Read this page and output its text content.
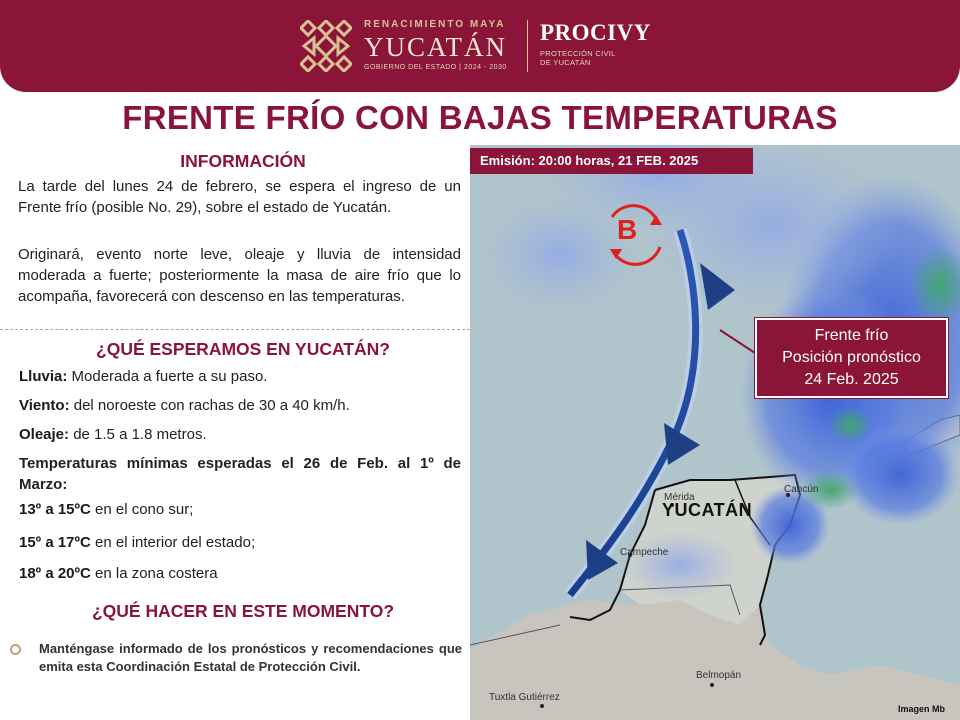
RENACIMIENTO MAYA
YUCATÁN
GOBIERNO DEL ESTADO | 2024 - 2030
PROCIVY
PROTECCIÓN CIVIL
DE YUCATÁN
FRENTE FRÍO CON BAJAS TEMPERATURAS
INFORMACIÓN
La tarde del lunes 24 de febrero, se espera el ingreso de un Frente frío (posible No. 29), sobre el estado de Yucatán.
Originará, evento norte leve, oleaje y lluvia de intensidad moderada a fuerte; posteriormente la masa de aire frío que lo acompaña, favorecerá con descenso en las temperaturas.
¿QUÉ ESPERAMOS EN YUCATÁN?
Lluvia: Moderada a fuerte a su paso.
Viento: del noroeste con rachas de 30 a 40 km/h.
Oleaje: de 1.5 a 1.8 metros.
Temperaturas mínimas esperadas el 26 de Feb. al 1º de Marzo:
13º a 15ºC en el cono sur;
15º a 17ºC en el interior del estado;
18º a 20ºC en la zona costera
¿QUÉ HACER EN ESTE MOMENTO?
Manténgase informado de los pronósticos y recomendaciones que emita esta Coordinación Estatal de Protección Civil.
B
Emisión: 20:00 horas, 21 FEB. 2025
Frente frío
Posición pronóstico
24 Feb. 2025
Mérida
Cancún
Campeche
Belmopán
Tuxtla Gutiérrez
YUCATÁN
Imagen Mb
